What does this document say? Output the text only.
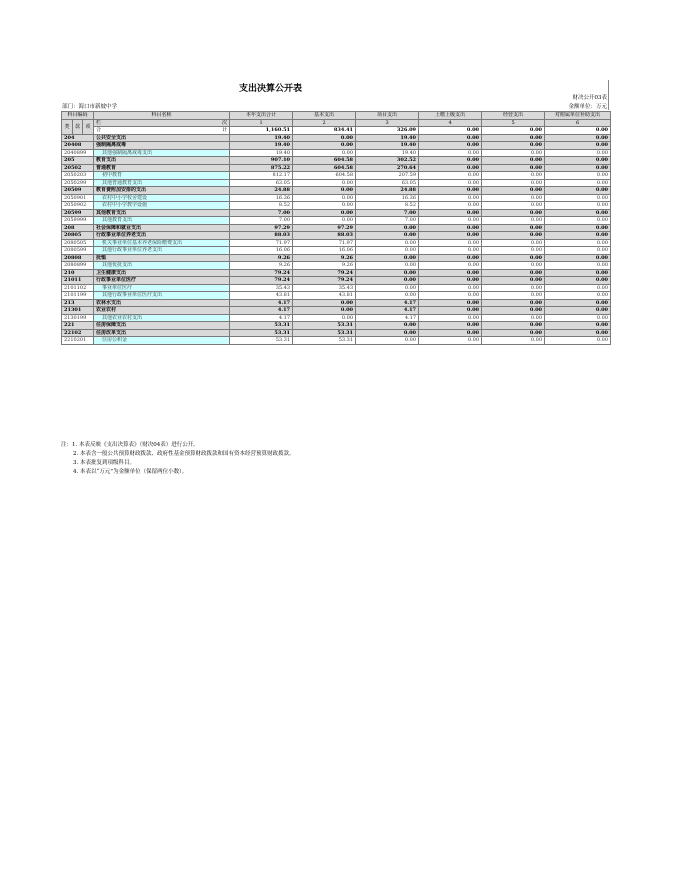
支出决算公开表
财决公开03表
部门：海口市新坡中学	金额单位：万元
科目编码			科目名称	本年支出合计	基本支出	项目支出	上缴上级支出	经营支出	对附属单位补助支出
类	款	项	栏 次	1	2	3	4	5	6
			合 计	1,160.51	834.41	326.09	0.00	0.00	0.00
204			公共安全支出	19.40	0.00	19.40	0.00	0.00	0.00
20408			强制隔离戒毒	19.40	0.00	19.40	0.00	0.00	0.00
2040899			其他强制隔离戒毒支出	19.40	0.00	19.40	0.00	0.00	0.00
205			教育支出	907.10	604.58	302.52	0.00	0.00	0.00
20502			普通教育	875.22	604.58	270.64	0.00	0.00	0.00
2050203			初中教育	812.17	604.58	207.59	0.00	0.00	0.00
2050299			其他普通教育支出	63.05	0.00	63.05	0.00	0.00	0.00
20509			教育费附加安排的支出	24.88	0.00	24.88	0.00	0.00	0.00
2050901			农村中小学校舍建设	16.36	0.00	16.36	0.00	0.00	0.00
2050902			农村中小学教学设施	8.52	0.00	8.52	0.00	0.00	0.00
20599			其他教育支出	7.00	0.00	7.00	0.00	0.00	0.00
2059999			其他教育支出	7.00	0.00	7.00	0.00	0.00	0.00
208			社会保障和就业支出	97.29	97.29	0.00	0.00	0.00	0.00
20805			行政事业单位养老支出	88.03	88.03	0.00	0.00	0.00	0.00
2080505			机关事业单位基本养老保险缴费支出	71.97	71.97	0.00	0.00	0.00	0.00
2080599			其他行政事业单位养老支出	16.06	16.06	0.00	0.00	0.00	0.00
20808			抚恤	9.26	9.26	0.00	0.00	0.00	0.00
2080899			其他优抚支出	9.26	9.26	0.00	0.00	0.00	0.00
210			卫生健康支出	79.24	79.24	0.00	0.00	0.00	0.00
21011			行政事业单位医疗	79.24	79.24	0.00	0.00	0.00	0.00
2101102			事业单位医疗	35.43	35.43	0.00	0.00	0.00	0.00
2101199			其他行政事业单位医疗支出	43.81	43.81	0.00	0.00	0.00	0.00
213			农林水支出	4.17	0.00	4.17	0.00	0.00	0.00
21301			农业农村	4.17	0.00	4.17	0.00	0.00	0.00
2130199			其他农业农村支出	4.17	0.00	4.17	0.00	0.00	0.00
221			住房保障支出	53.31	53.31	0.00	0.00	0.00	0.00
22102			住房改革支出	53.31	53.31	0.00	0.00	0.00	0.00
2210201			住房公积金	53.31	53.31	0.00	0.00	0.00	0.00
注：1. 本表反映《支出决算表》（财决04表）进行公开。
2. 本表含一般公共预算财政拨款、政府性基金预算财政拨款和国有资本经营预算财政拨款。
3. 本表批复到项级科目。
4. 本表以“万元”为金额单位（保留两位小数）。
